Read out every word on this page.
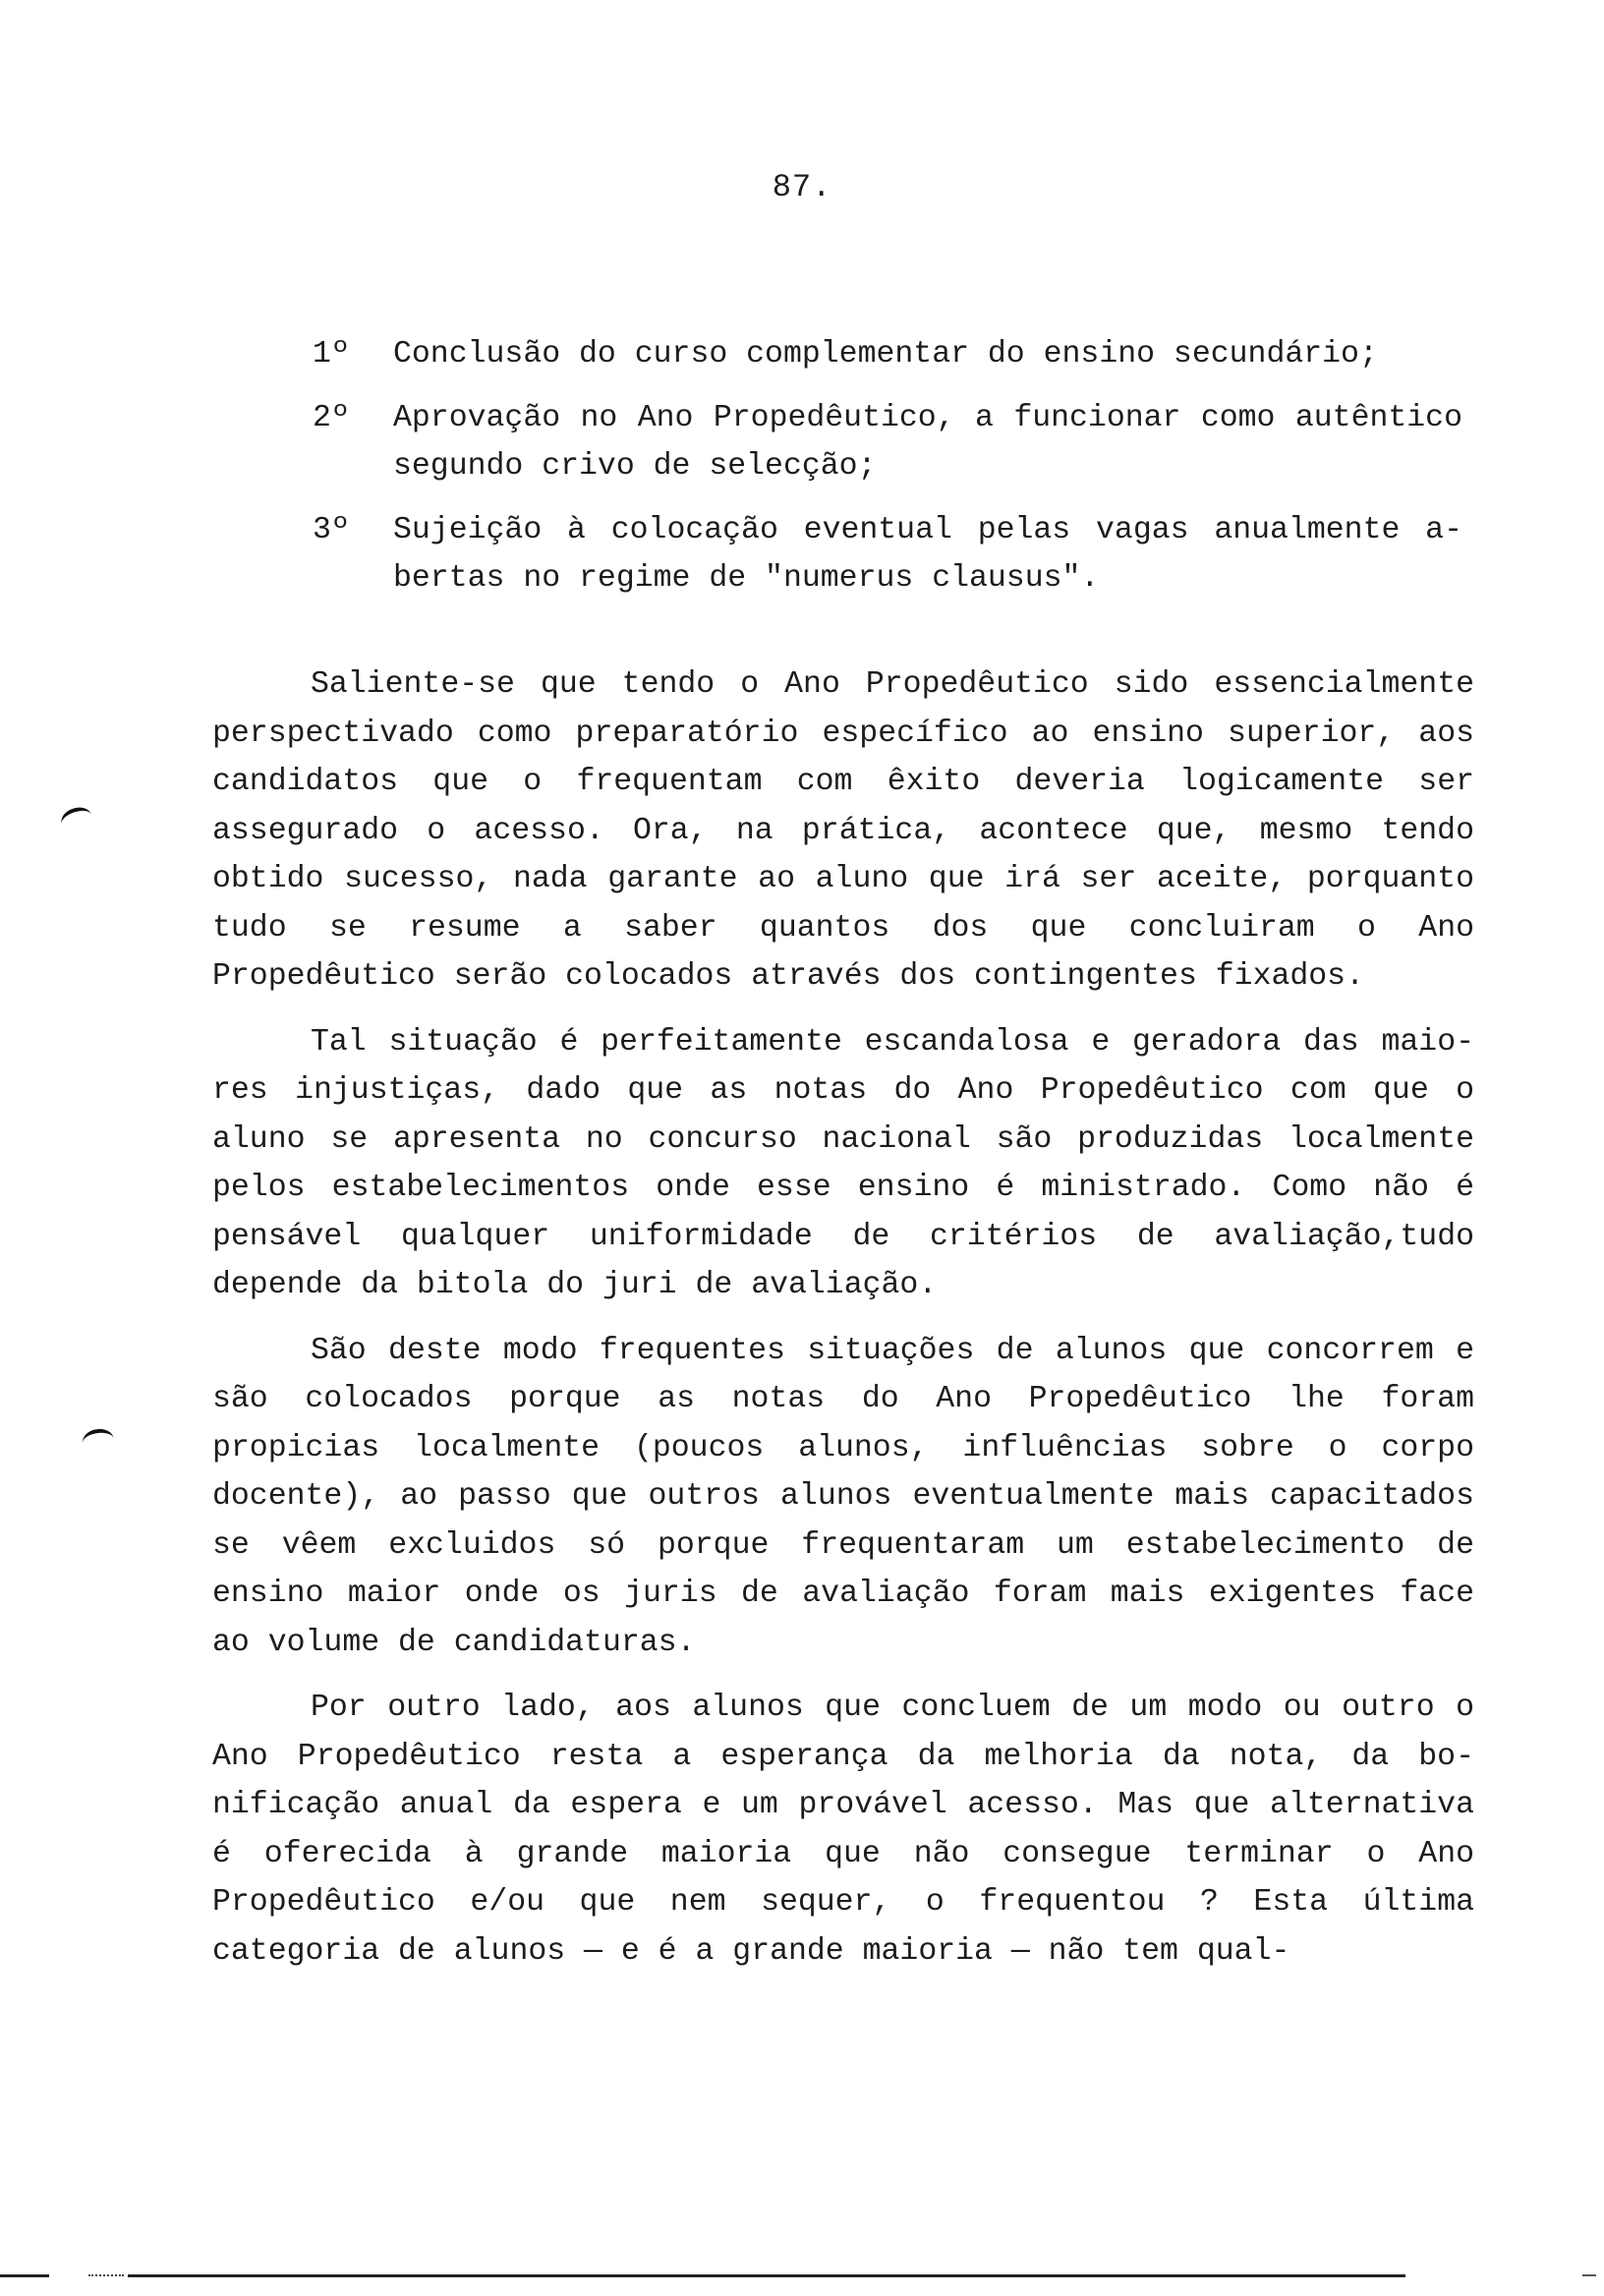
87.
1º Conclusão do curso complementar do ensino secundário;
2º Aprovação no Ano Propedêutico, a funcionar como autêntico segundo crivo de selecção;
3º Sujeição à colocação eventual pelas vagas anualmente abertas no regime de "numerus clausus".

Saliente-se que tendo o Ano Propedêutico sido essencialmente perspectivado como preparatório específico ao ensino superior, aos candidatos que o frequentam com êxito deveria logicamente ser assegurado o acesso. Ora, na prática, acontece que, mesmo tendo obtido sucesso, nada garante ao aluno que irá ser aceite, porquanto tudo se resume a saber quantos dos que concluiram o Ano Propedêutico serão colocados através dos contingentes fixados.

Tal situação é perfeitamente escandalosa e geradora das maiores injustiças, dado que as notas do Ano Propedêutico com que o aluno se apresenta no concurso nacional são produzidas localmente pelos estabelecimentos onde esse ensino é ministrado. Como não é pensável qualquer uniformidade de critérios de avaliação,tudo depende da bitola do juri de avaliação.

São deste modo frequentes situações de alunos que concorrem e são colocados porque as notas do Ano Propedêutico lhe foram propicias localmente (poucos alunos, influências sobre o corpo docente), ao passo que outros alunos eventualmente mais capacitados se vêem excluidos só porque frequentaram um estabelecimento de ensino maior onde os juris de avaliação foram mais exigentes face ao volume de candidaturas.

Por outro lado, aos alunos que concluem de um modo ou outro o Ano Propedêutico resta a esperança da melhoria da nota, da bonificação anual da espera e um provável acesso. Mas que alternativa é oferecida à grande maioria que não consegue terminar o Ano Propedêutico e/ou que nem sequer, o frequentou ? Esta última categoria de alunos — e é a grande maioria — não tem qual-
